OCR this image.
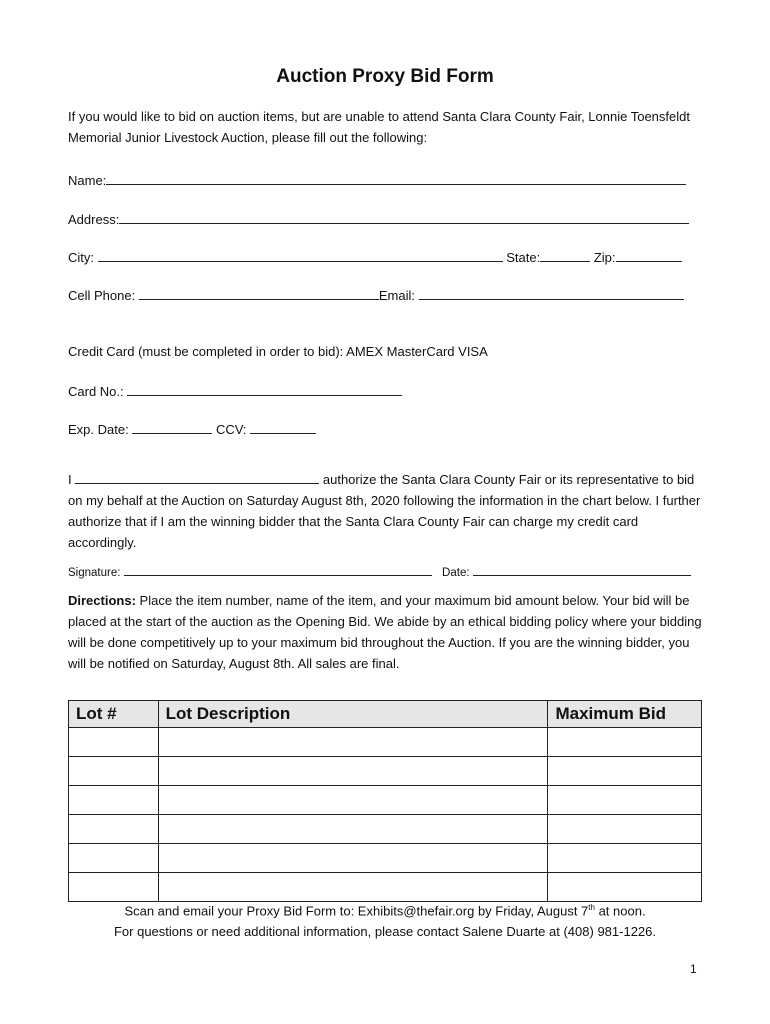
Auction Proxy Bid Form
If you would like to bid on auction items, but are unable to attend Santa Clara County Fair, Lonnie Toensfeldt Memorial Junior Livestock Auction, please fill out the following:
Name:
Address:
City:	State:	Zip:
Cell Phone:	Email:
Credit Card (must be completed in order to bid): AMEX MasterCard VISA
Card No.:
Exp. Date:	CCV:
I	authorize the Santa Clara County Fair or its representative to bid on my behalf at the Auction on Saturday August 8th, 2020 following the information in the chart below. I further authorize that if I am the winning bidder that the Santa Clara County Fair can charge my credit card accordingly.
Signature:	Date:
Directions: Place the item number, name of the item, and your maximum bid amount below. Your bid will be placed at the start of the auction as the Opening Bid. We abide by an ethical bidding policy where your bidding will be done competitively up to your maximum bid throughout the Auction. If you are the winning bidder, you will be notified on Saturday, August 8th. All sales are final.
Lot #	Lot Description	Maximum Bid

Scan and email your Proxy Bid Form to: Exhibits@thefair.org by Friday, August 7th at noon.
For questions or need additional information, please contact Salene Duarte at (408) 981-1226.
1
